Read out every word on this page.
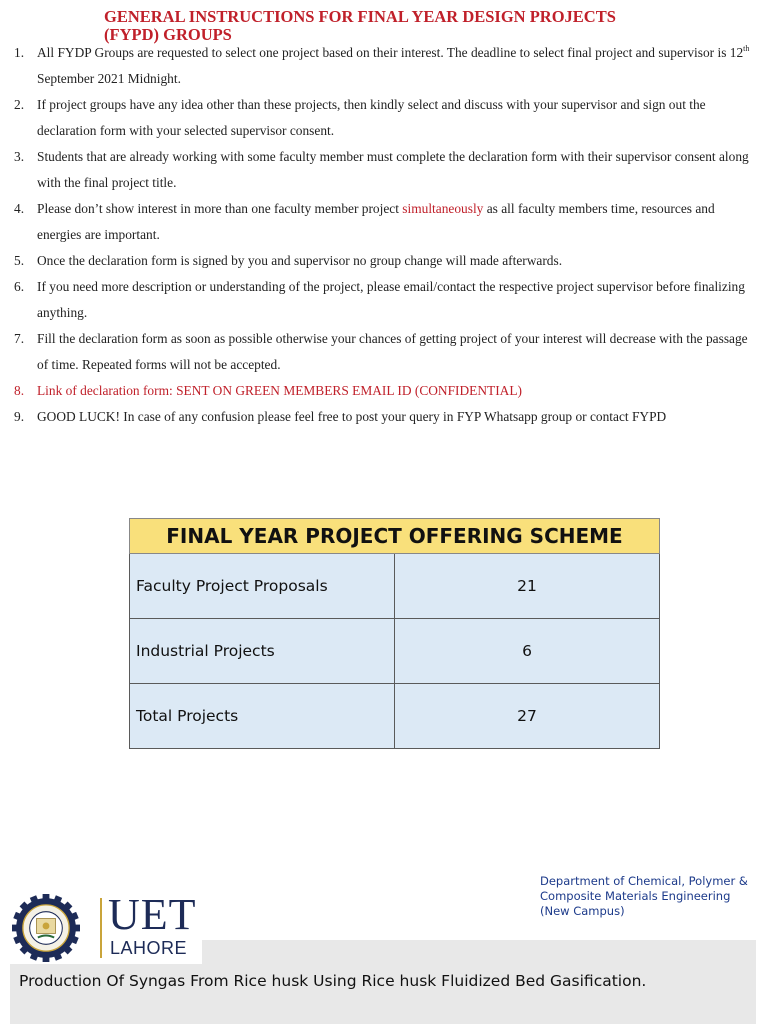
GENERAL INSTRUCTIONS FOR FINAL YEAR DESIGN PROJECTS (FYPD) GROUPS
1. All FYDP Groups are requested to select one project based on their interest. The deadline to select final project and supervisor is 12th September 2021 Midnight.
2. If project groups have any idea other than these projects, then kindly select and discuss with your supervisor and sign out the declaration form with your selected supervisor consent.
3. Students that are already working with some faculty member must complete the declaration form with their supervisor consent along with the final project title.
4. Please don’t show interest in more than one faculty member project simultaneously as all faculty members time, resources and energies are important.
5. Once the declaration form is signed by you and supervisor no group change will made afterwards.
6. If you need more description or understanding of the project, please email/contact the respective project supervisor before finalizing anything.
7. Fill the declaration form as soon as possible otherwise your chances of getting project of your interest will decrease with the passage of time. Repeated forms will not be accepted.
8. Link of declaration form: SENT ON GREEN MEMBERS EMAIL ID (CONFIDENTIAL)
9. GOOD LUCK! In case of any confusion please feel free to post your query in FYP Whatsapp group or contact FYPD
FINAL YEAR PROJECT OFFERING SCHEME	
Faculty Project Proposals	21
Industrial Projects	6
Total Projects	27
Department of Chemical, Polymer &
Composite Materials Engineering
(New Campus)
UET
LAHORE
Production Of Syngas From Rice husk Using Rice husk Fluidized Bed Gasification.
